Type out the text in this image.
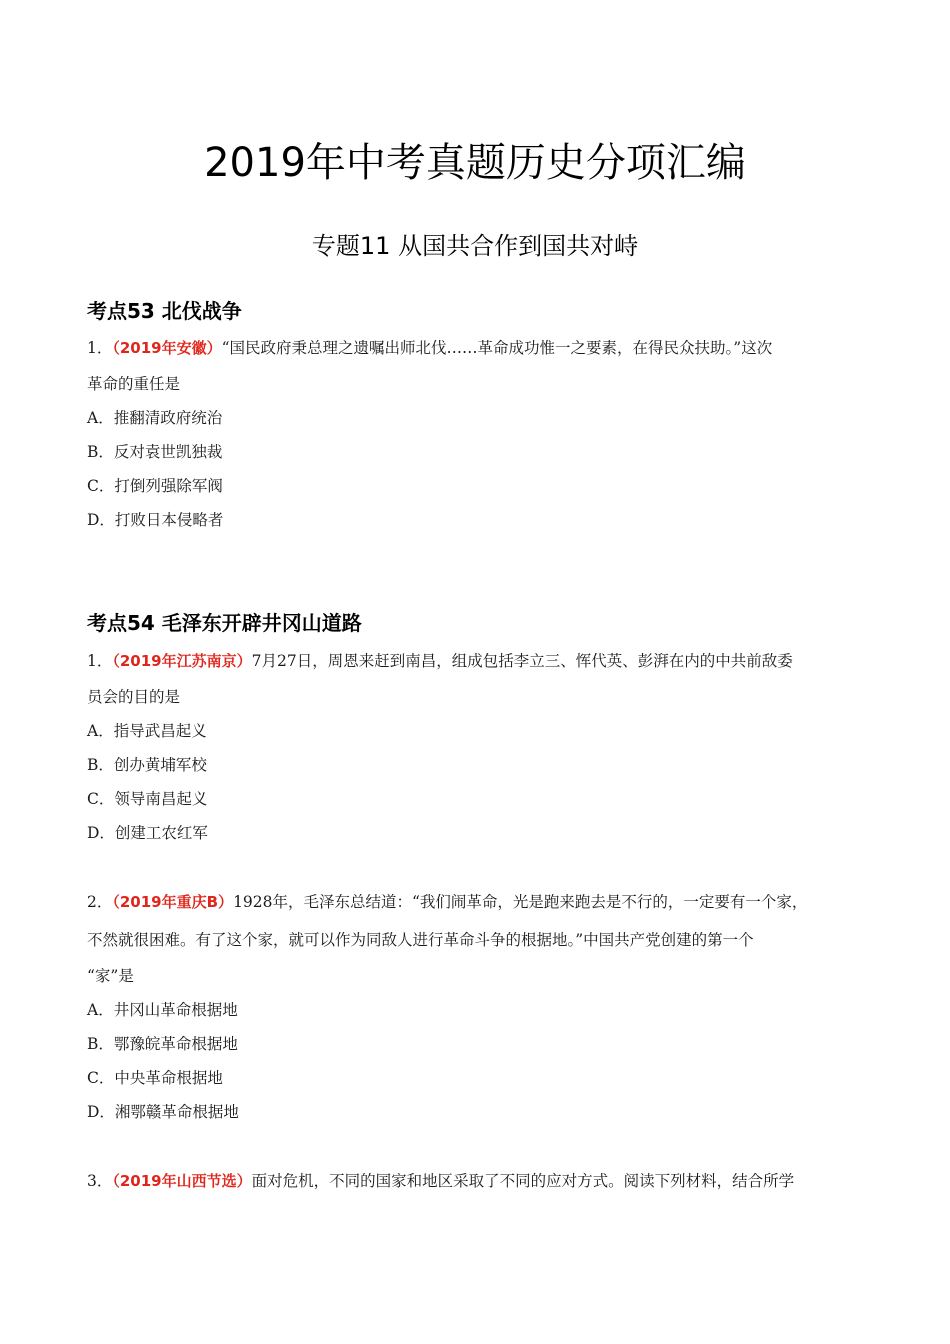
2019年中考真题历史分项汇编
专题11 从国共合作到国共对峙
考点53 北伐战争
1．（2019年安徽）“国民政府秉总理之遗嘱出师北伐……革命成功惟一之要素，在得民众扶助。”这次
革命的重任是
A．推翻清政府统治
B．反对袁世凯独裁
C．打倒列强除军阀
D．打败日本侵略者
考点54 毛泽东开辟井冈山道路
1．（2019年江苏南京）7月27日，周恩来赶到南昌，组成包括李立三、恽代英、彭湃在内的中共前敌委
员会的目的是
A．指导武昌起义
B．创办黄埔军校
C．领导南昌起义
D．创建工农红军
2．（2019年重庆B）1928年，毛泽东总结道：“我们闹革命，光是跑来跑去是不行的，一定要有一个家，
不然就很困难。有了这个家，就可以作为同敌人进行革命斗争的根据地。”中国共产党创建的第一个
“家”是
A．井冈山革命根据地
B．鄂豫皖革命根据地
C．中央革命根据地
D．湘鄂赣革命根据地
3．（2019年山西节选）面对危机，不同的国家和地区采取了不同的应对方式。阅读下列材料，结合所学
